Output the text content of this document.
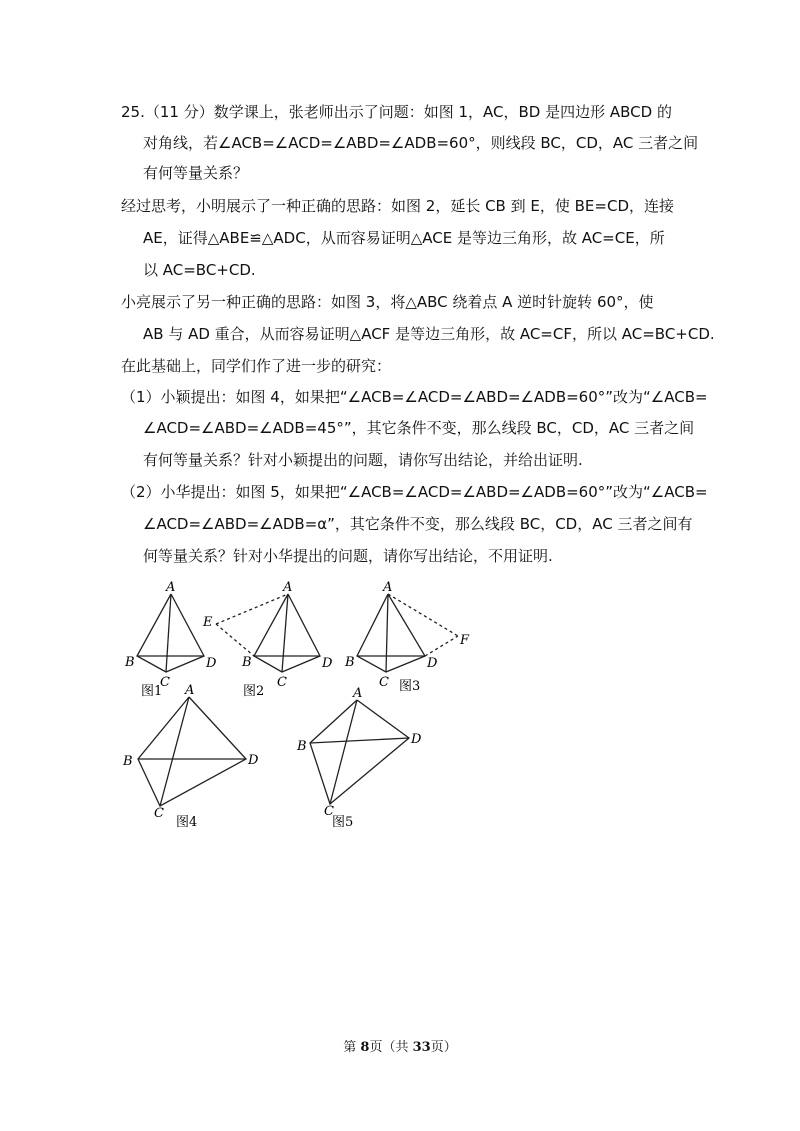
25.（11 分）数学课上，张老师出示了问题：如图 1，AC，BD 是四边形 ABCD 的
对角线，若∠ACB=∠ACD=∠ABD=∠ADB=60°，则线段 BC，CD，AC 三者之间
有何等量关系？
经过思考，小明展示了一种正确的思路：如图 2，延长 CB 到 E，使 BE=CD，连接
AE，证得△ABE≌△ADC，从而容易证明△ACE 是等边三角形，故 AC=CE，所
以 AC=BC+CD.
小亮展示了另一种正确的思路：如图 3，将△ABC 绕着点 A 逆时针旋转 60°，使
AB 与 AD 重合，从而容易证明△ACF 是等边三角形，故 AC=CF，所以 AC=BC+CD.
在此基础上，同学们作了进一步的研究：
（1）小颖提出：如图 4，如果把“∠ACB=∠ACD=∠ABD=∠ADB=60°”改为“∠ACB=
∠ACD=∠ABD=∠ADB=45°”，其它条件不变，那么线段 BC，CD，AC 三者之间
有何等量关系？针对小颖提出的问题，请你写出结论，并给出证明.
（2）小华提出：如图 5，如果把“∠ACB=∠ACD=∠ABD=∠ADB=60°”改为“∠ACB=
∠ACD=∠ABD=∠ADB=α”，其它条件不变，那么线段 BC，CD，AC 三者之间有
何等量关系？针对小华提出的问题，请你写出结论，不用证明.
A
B
C
D
A
B
C
D
E
A
B
C
D
F
A
B
C
D
A
B
C
D
图1	图2	图3
图4	图5
第 8页（共 33页）
